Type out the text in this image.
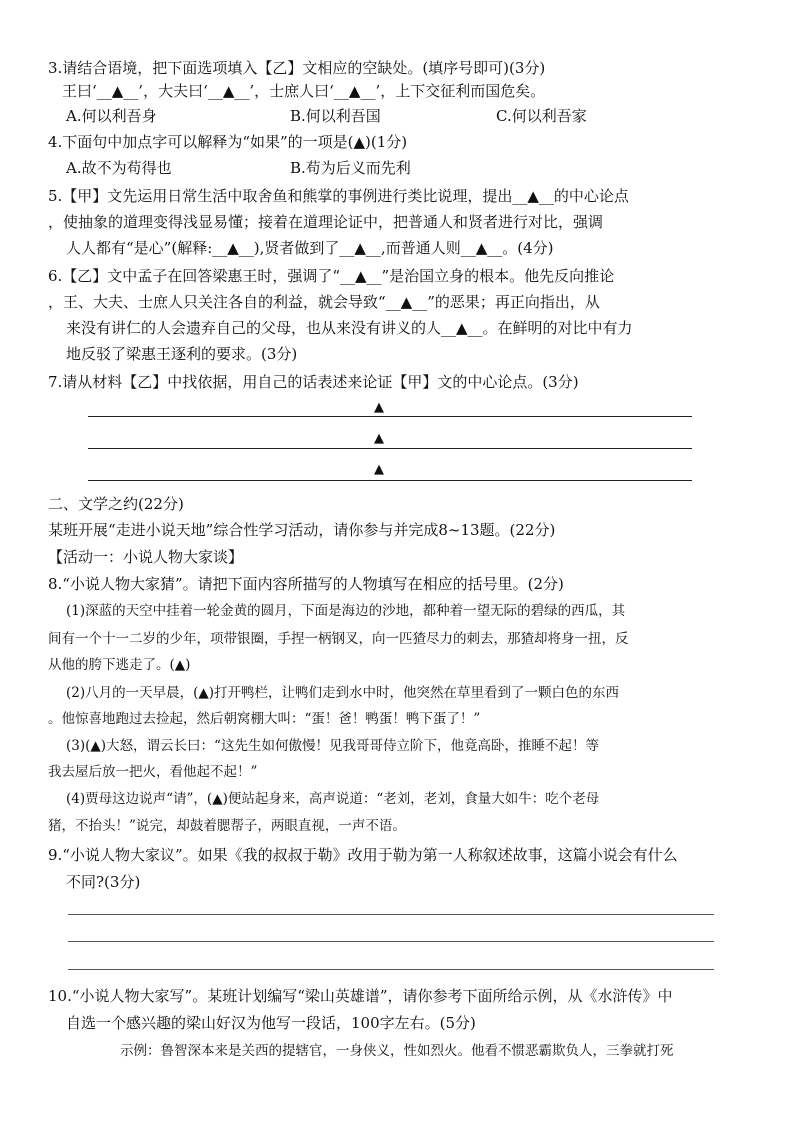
3.请结合语境，把下面选项填入【乙】文相应的空缺处。(填序号即可)(3分)
王曰‘__▲__’，大夫曰‘__▲__’，士庶人曰‘__▲__’，上下交征利而国危矣。
A.何以利吾身	B.何以利吾国	C.何以利吾家
4.下面句中加点字可以解释为“如果”的一项是(▲)(1分)
A.故不为苟得也	B.苟为后义而先利
5.【甲】文先运用日常生活中取舍鱼和熊掌的事例进行类比说理，提出__▲__的中心论点
，使抽象的道理变得浅显易懂；接着在道理论证中，把普通人和贤者进行对比，强调
人人都有“是心”(解释:__▲__),贤者做到了__▲__,而普通人则__▲__。(4分)
6.【乙】文中孟子在回答梁惠王时，强调了“__▲__”是治国立身的根本。他先反向推论
，王、大夫、士庶人只关注各自的利益，就会导致“__▲__”的恶果；再正向指出，从
来没有讲仁的人会遗弃自己的父母，也从来没有讲义的人__▲__。在鲜明的对比中有力
地反驳了梁惠王逐利的要求。(3分)
7.请从材料【乙】中找依据，用自己的话表述来论证【甲】文的中心论点。(3分)
▲
▲
▲
二、文学之约(22分)
某班开展“走进小说天地”综合性学习活动，请你参与并完成8~13题。(22分)
【活动一：小说人物大家谈】
8.“小说人物大家猜”。请把下面内容所描写的人物填写在相应的括号里。(2分)
(1)深蓝的天空中挂着一轮金黄的圆月，下面是海边的沙地，都种着一望无际的碧绿的西瓜，其
间有一个十一二岁的少年，项带银圈，手捏一柄钢叉，向一匹猹尽力的刺去，那猹却将身一扭，反
从他的胯下逃走了。(▲)
(2)八月的一天早晨，(▲)打开鸭栏，让鸭们走到水中时，他突然在草里看到了一颗白色的东西
。他惊喜地跑过去捡起，然后朝窝棚大叫：“蛋！爸！鸭蛋！鸭下蛋了！”
(3)(▲)大怒，谓云长曰：“这先生如何傲慢！见我哥哥侍立阶下，他竟高卧，推睡不起！等
我去屋后放一把火，看他起不起！”
(4)贾母这边说声“请”，(▲)便站起身来，高声说道：“老刘，老刘，食量大如牛：吃个老母
猪，不抬头！”说完，却鼓着腮帮子，两眼直视，一声不语。
9.“小说人物大家议”。如果《我的叔叔于勒》改用于勒为第一人称叙述故事，这篇小说会有什么
不同?(3分)
10.“小说人物大家写”。某班计划编写“梁山英雄谱”，请你参考下面所给示例，从《水浒传》中
自选一个感兴趣的梁山好汉为他写一段话，100字左右。(5分)
示例：鲁智深本来是关西的提辖官，一身侠义，性如烈火。他看不惯恶霸欺负人，三拳就打死
